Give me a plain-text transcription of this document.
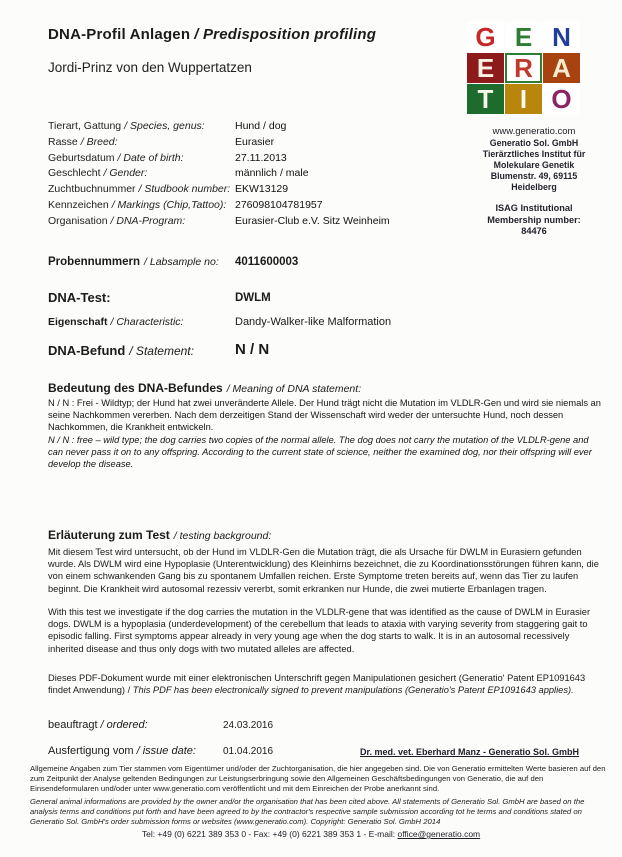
DNA-Profil Anlagen / Predisposition profiling
Jordi-Prinz von den Wuppertatzen
G E N
E R A
T	I O
www.generatio.com
Generatio Sol. GmbH
Tierärztliches Institut für
Molekulare Genetik
Blumenstr. 49, 69115
Heidelberg
ISAG Institutional
Membership number:
84476
Tierart, Gattung / Species, genus:	Hund / dog
Rasse / Breed:	Eurasier
Geburtsdatum / Date of birth:	27.11.2013
Geschlecht / Gender:	männlich / male
Zuchtbuchnummer / Studbook number: EKW13129
Kennzeichen / Markings (Chip,Tattoo): 276098104781957
Organisation / DNA-Program:	Eurasier-Club e.V. Sitz Weinheim
Probennummern / Labsample no: 4011600003
DNA-Test:	DWLM
Eigenschaft / Characteristic:	Dandy-Walker-like Malformation
DNA-Befund / Statement:	N / N
Bedeutung des DNA-Befundes / Meaning of DNA statement:
N / N : Frei - Wildtyp; der Hund hat zwei unveränderte Allele. Der Hund trägt nicht die Mutation im VLDLR-Gen und wird sie niemals an seine Nachkommen vererben. Nach dem derzeitigen Stand der Wissenschaft wird weder der untersuchte Hund, noch dessen Nachkommen, die Krankheit entwickeln.
N / N : free – wild type; the dog carries two copies of the normal allele. The dog does not carry the mutation of the VLDLR-gene and can never pass it on to any offspring. According to the current state of science, neither the examined dog, nor their offspring will ever develop the disease.
Erläuterung zum Test / testing background:
Mit diesem Test wird untersucht, ob der Hund im VLDLR-Gen die Mutation trägt, die als Ursache für DWLM in Eurasiern gefunden wurde. Als DWLM wird eine Hypoplasie (Unterentwicklung) des Kleinhirns bezeichnet, die zu Koordinationsstörungen führen kann, die von einem schwankenden Gang bis zu spontanem Umfallen reichen. Erste Symptome treten bereits auf, wenn das Tier zu laufen beginnt. Die Krankheit wird autosomal rezessiv vererbt, somit erkranken nur Hunde, die zwei mutierte Erbanlagen tragen.
With this test we investigate if the dog carries the mutation in the VLDLR-gene that was identified as the cause of DWLM in Eurasier dogs. DWLM is a hypoplasia (underdevelopment) of the cerebellum that leads to ataxia with varying severity from staggering gait to episodic falling. First symptoms appear already in very young age when the dog starts to walk. It is in an autosomal recessively inherited disease and thus only dogs with two mutated alleles are affected.
Dieses PDF-Dokument wurde mit einer elektronischen Unterschrift gegen Manipulationen gesichert (Generatio' Patent EP1091643 findet Anwendung) / This PDF has been electronically signed to prevent manipulations (Generatio's Patent EP1091643 applies).
beauftragt / ordered:	24.03.2016
Ausfertigung vom / issue date:	01.04.2016	Dr. med. vet. Eberhard Manz - Generatio Sol. GmbH
Allgemeine Angaben zum Tier stammen vom Eigentümer und/oder der Zuchtorganisation, die hier angegeben sind. Die von Generatio ermittelten Werte basieren auf den zum Zeitpunkt der Analyse geltenden Bedingungen zur Leistungserbringung sowie den Allgemeinen Geschäftsbedingungen von Generatio, die auf den Einsendeformularen und/oder unter www.generatio.com veröffentlicht und mit dem Einreichen der Probe anerkannt sind.
General animal informations are provided by the owner and/or the organisation that has been cited above. All statements of Generatio Sol. GmbH are based on the analysis terms and conditions put forth and have been agreed to by the contractor's respective sample submission according tot he terms and conditions stated on Generatio Sol. GmbH's order submission forms or websites (www.generatio.com). Copyright: Generatio Sol. GmbH 2014
Tel: +49 (0) 6221 389 353 0 - Fax: +49 (0) 6221 389 353 1 - E-mail: office@generatio.com
